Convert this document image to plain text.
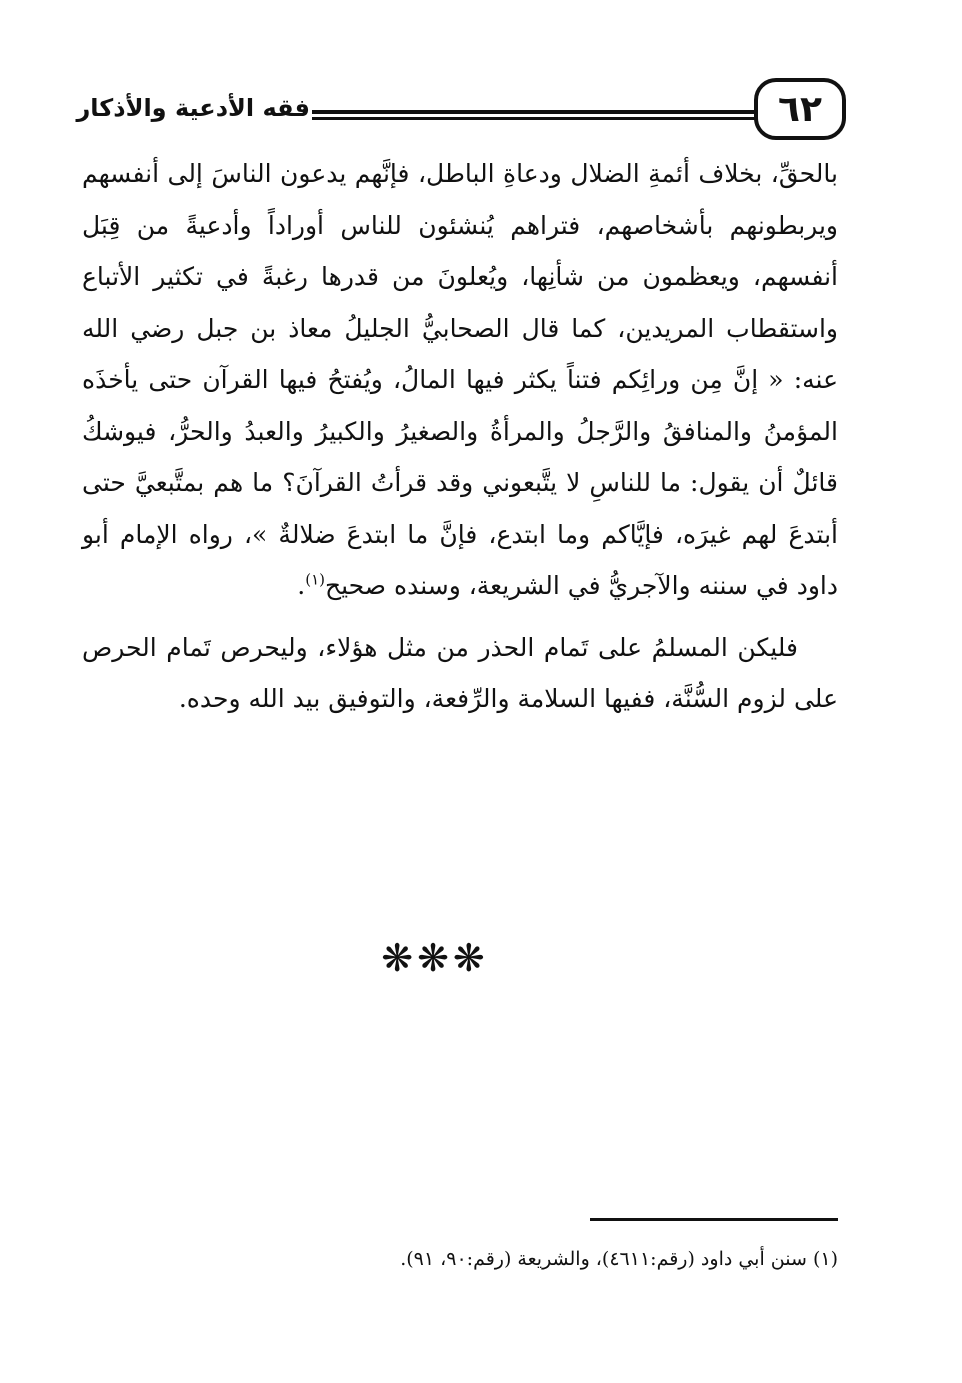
٦٢
فقه الأدعية والأذكار

بالحقِّ، بخلاف أئمةِ الضلال ودعاةِ الباطل، فإنَّهم يدعون الناسَ إلى أنفسهم ويربطونهم بأشخاصهم، فتراهم يُنشئون للناس أوراداً وأدعيةً من قِبَل أنفسهم، ويعظمون من شأنِها، ويُعلونَ من قدرها رغبةً في تكثير الأتباع واستقطاب المريدين، كما قال الصحابيُّ الجليلُ معاذ بن جبل رضي الله عنه: « إنَّ مِن ورائِكم فتناً يكثر فيها المالُ، ويُفتحُ فيها القرآن حتى يأخذَه المؤمنُ والمنافقُ والرَّجلُ والمرأةُ والصغيرُ والكبيرُ والعبدُ والحرُّ، فيوشكُ قائلٌ أن يقول: ما للناسِ لا يتَّبعوني وقد قرأتُ القرآنَ؟ ما هم بمتَّبعيَّ حتى أبتدعَ لهم غيرَه، فإيَّاكم وما ابتدع، فإنَّ ما ابتدعَ ضلالةٌ »، رواه الإمام أبو داود في سننه والآجريُّ في الشريعة، وسنده صحيح$^{(١)}$.

فليكن المسلمُ على تَمام الحذر من مثل هؤلاء، وليحرص تَمام الحرص على لزوم السُّنَّة، ففيها السلامة والرِّفعة، والتوفيق بيد الله وحده.

❋❋❋
(١) سنن أبي داود (رقم:٤٦١١)، والشريعة (رقم:٩٠، ٩١).
